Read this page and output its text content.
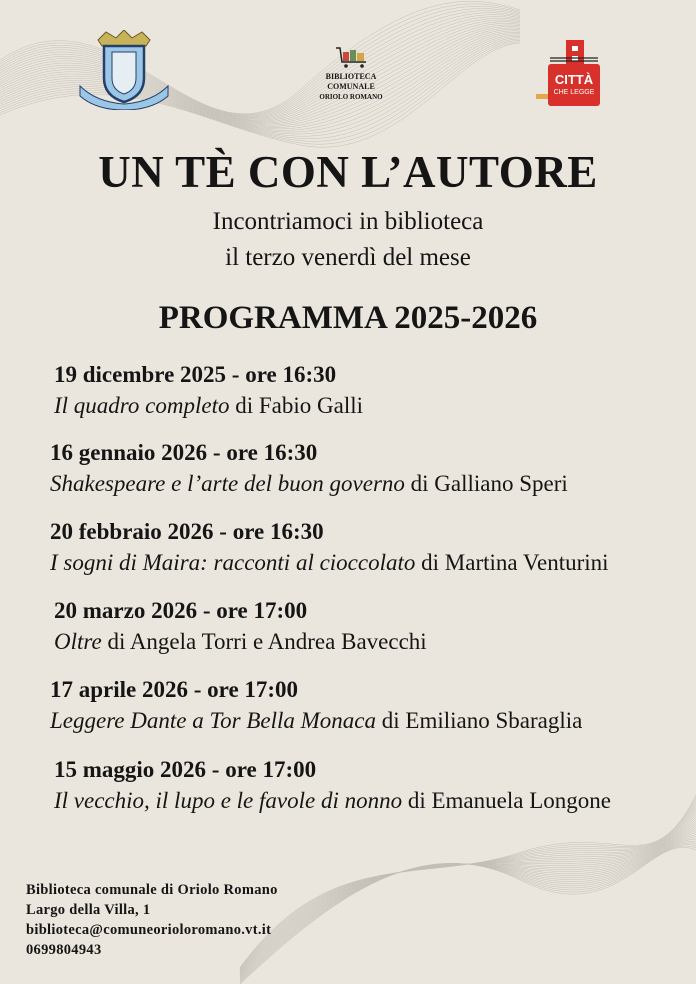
BIBLIOTECA
COMUNALE
ORIOLO ROMANO
CITTÀ
CHE LEGGE
UN TÈ CON L’AUTORE
Incontriamoci in biblioteca
il terzo venerdì del mese
PROGRAMMA 2025-2026
19 dicembre 2025 - ore 16:30
Il quadro completo di Fabio Galli
16 gennaio 2026 - ore 16:30
Shakespeare e l’arte del buon governo di Galliano Speri
20 febbraio 2026 - ore 16:30
I sogni di Maira: racconti al cioccolato di Martina Venturini
20 marzo 2026 - ore 17:00
Oltre di Angela Torri e Andrea Bavecchi
17 aprile 2026 - ore 17:00
Leggere Dante a Tor Bella Monaca di Emiliano Sbaraglia
15 maggio 2026 - ore 17:00
Il vecchio, il lupo e le favole di nonno di Emanuela Longone
Biblioteca comunale di Oriolo Romano
Largo della Villa, 1
biblioteca@comuneorioloromano.vt.it
0699804943
